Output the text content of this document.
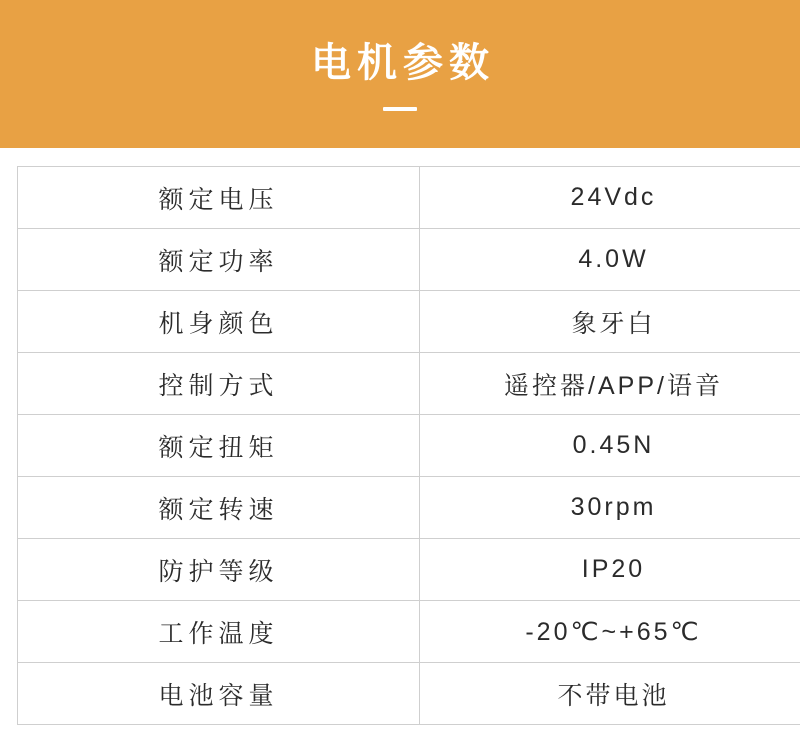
电机参数
额定电压	24Vdc
额定功率	4.0W
机身颜色	象牙白
控制方式	遥控器/APP/语音
额定扭矩	0.45N
额定转速	30rpm
防护等级	IP20
工作温度	-20℃~+65℃
电池容量	不带电池
